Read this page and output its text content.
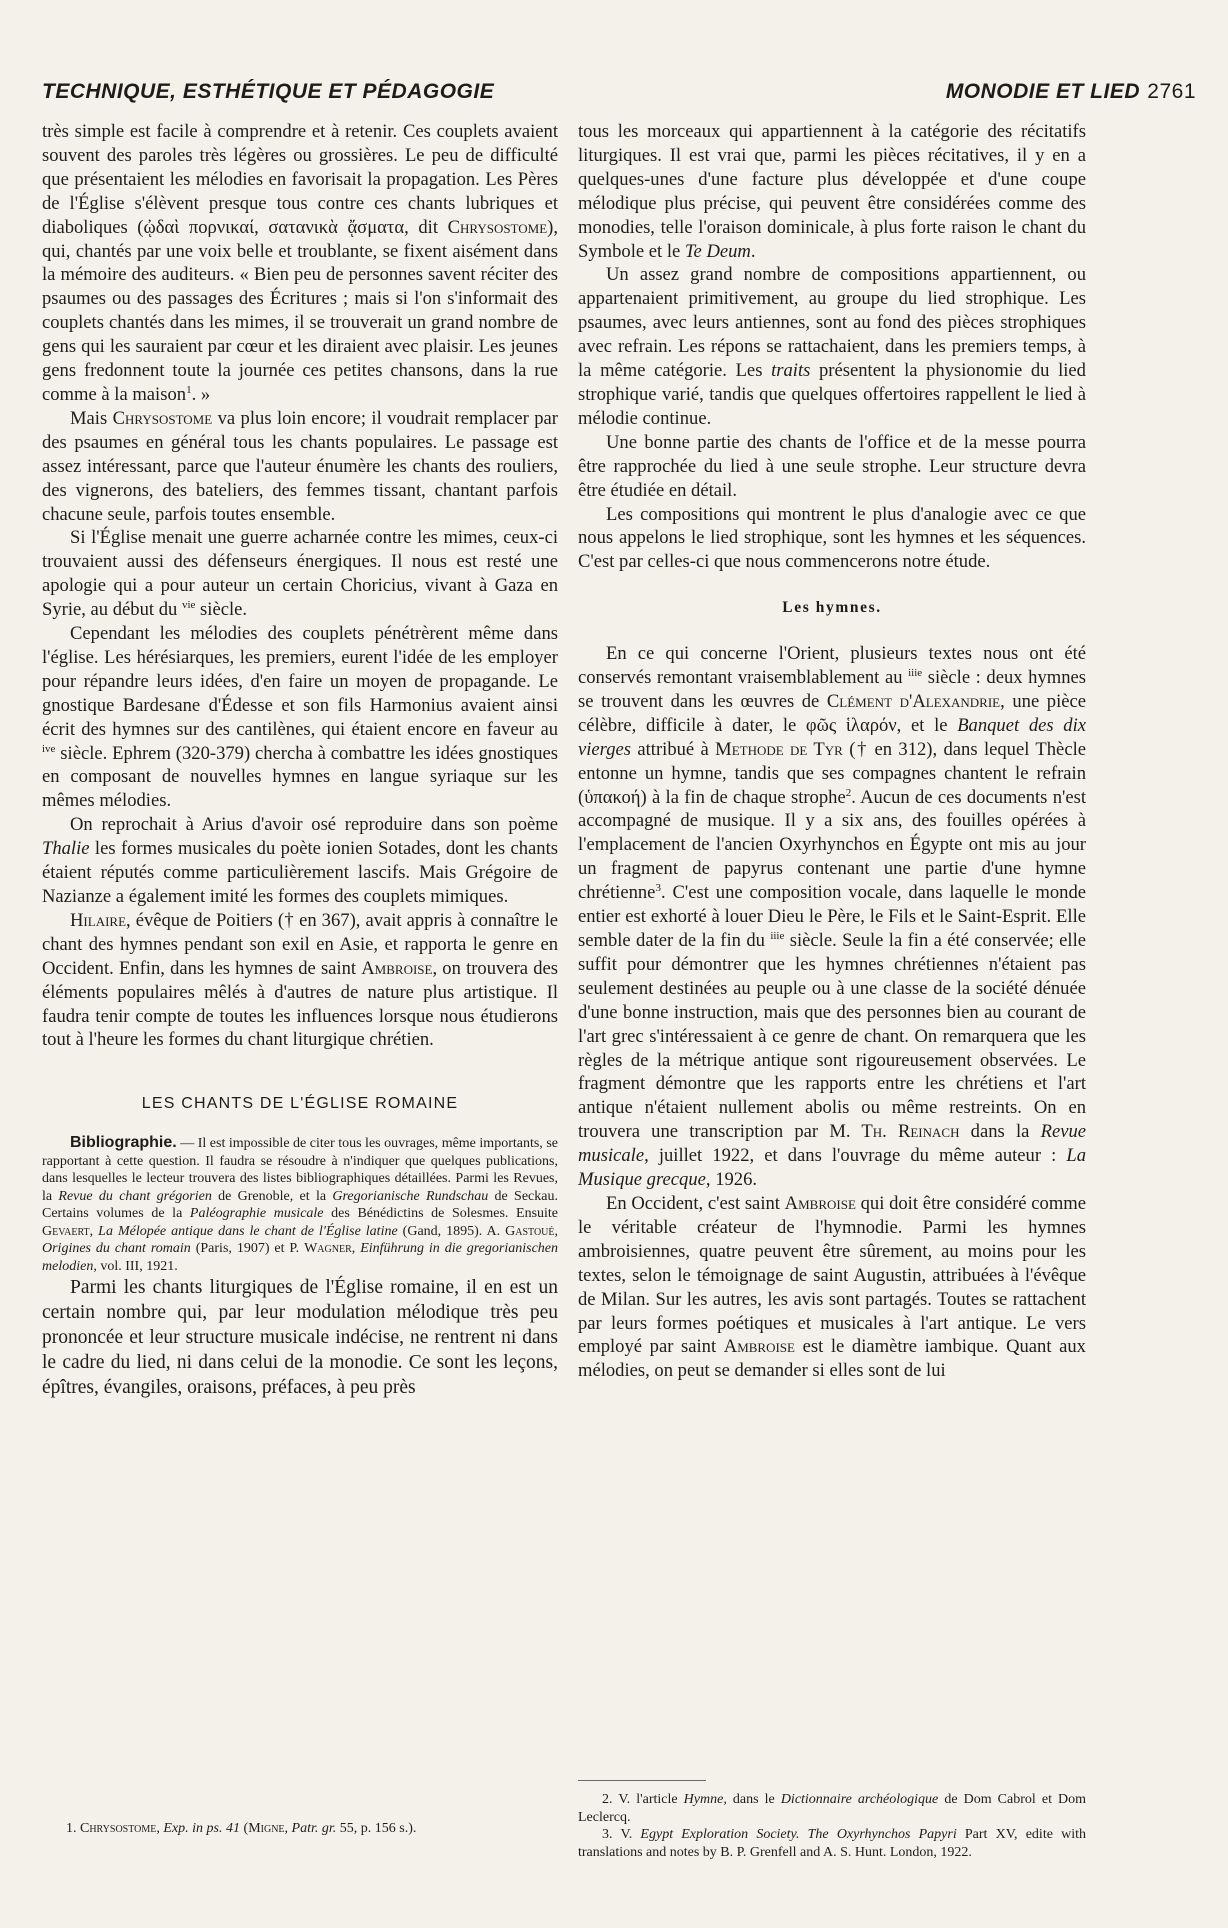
TECHNIQUE, ESTHÉTIQUE ET PÉDAGOGIE	MONODIE ET LIED 2761

très simple est facile à comprendre et à retenir. Ces couplets avaient souvent des paroles très légères ou grossières. Le peu de difficulté que présentaient les mélodies en favorisait la propagation. Les Pères de l'Église s'élèvent presque tous contre ces chants lubriques et diaboliques (ᾠδαὶ πορνικαί, σατανικὰ ᾄσματα, dit Chrysostome), qui, chantés par une voix belle et troublante, se fixent aisément dans la mémoire des auditeurs. « Bien peu de personnes savent réciter des psaumes ou des passages des Écritures ; mais si l'on s'informait des couplets chantés dans les mimes, il se trouverait un grand nombre de gens qui les sauraient par cœur et les diraient avec plaisir. Les jeunes gens fredonnent toute la journée ces petites chansons, dans la rue comme à la maison$^1$. »

Mais Chrysostome va plus loin encore; il voudrait remplacer par des psaumes en général tous les chants populaires. Le passage est assez intéressant, parce que l'auteur énumère les chants des rouliers, des vignerons, des bateliers, des femmes tissant, chantant parfois chacune seule, parfois toutes ensemble.

Si l'Église menait une guerre acharnée contre les mimes, ceux-ci trouvaient aussi des défenseurs énergiques. Il nous est resté une apologie qui a pour auteur un certain Choricius, vivant à Gaza en Syrie, au début du $^{vie}$ siècle.

Cependant les mélodies des couplets pénétrèrent même dans l'église. Les hérésiarques, les premiers, eurent l'idée de les employer pour répandre leurs idées, d'en faire un moyen de propagande. Le gnostique Bardesane d'Édesse et son fils Harmonius avaient ainsi écrit des hymnes sur des cantilènes, qui étaient encore en faveur au $^{ive}$ siècle. Ephrem (320-379) chercha à combattre les idées gnostiques en composant de nouvelles hymnes en langue syriaque sur les mêmes mélodies.

On reprochait à Arius d'avoir osé reproduire dans son poème Thalie les formes musicales du poète ionien Sotades, dont les chants étaient réputés comme particulièrement lascifs. Mais Grégoire de Nazianze a également imité les formes des couplets mimiques.

Hilaire, évêque de Poitiers († en 367), avait appris à connaître le chant des hymnes pendant son exil en Asie, et rapporta le genre en Occident. Enfin, dans les hymnes de saint Ambroise, on trouvera des éléments populaires mêlés à d'autres de nature plus artistique. Il faudra tenir compte de toutes les influences lorsque nous étudierons tout à l'heure les formes du chant liturgique chrétien.

LES CHANTS DE L'ÉGLISE ROMAINE

Bibliographie. — Il est impossible de citer tous les ouvrages, même importants, se rapportant à cette question. Il faudra se résoudre à n'indiquer que quelques publications, dans lesquelles le lecteur trouvera des listes bibliographiques détaillées. Parmi les Revues, la Revue du chant grégorien de Grenoble, et la Gregorianische Rundschau de Seckau. Certains volumes de la Paléographie musicale des Bénédictins de Solesmes. Ensuite Gevaert, La Mélopée antique dans le chant de l'Église latine (Gand, 1895). A. Gastoué, Origines du chant romain (Paris, 1907) et P. Wagner, Einführung in die gregorianischen melodien, vol. III, 1921.

Parmi les chants liturgiques de l'Église romaine, il en est un certain nombre qui, par leur modulation mélodique très peu prononcée et leur structure musicale indécise, ne rentrent ni dans le cadre du lied, ni dans celui de la monodie. Ce sont les leçons, épîtres, évangiles, oraisons, préfaces, à peu près

1. Chrysostome, Exp. in ps. 41 (Migne, Patr. gr. 55, p. 156 s.).

tous les morceaux qui appartiennent à la catégorie des récitatifs liturgiques. Il est vrai que, parmi les pièces récitatives, il y en a quelques-unes d'une facture plus développée et d'une coupe mélodique plus précise, qui peuvent être considérées comme des monodies, telle l'oraison dominicale, à plus forte raison le chant du Symbole et le Te Deum.

Un assez grand nombre de compositions appartiennent, ou appartenaient primitivement, au groupe du lied strophique. Les psaumes, avec leurs antiennes, sont au fond des pièces strophiques avec refrain. Les répons se rattachaient, dans les premiers temps, à la même catégorie. Les traits présentent la physionomie du lied strophique varié, tandis que quelques offertoires rappellent le lied à mélodie continue.

Une bonne partie des chants de l'office et de la messe pourra être rapprochée du lied à une seule strophe. Leur structure devra être étudiée en détail.

Les compositions qui montrent le plus d'analogie avec ce que nous appelons le lied strophique, sont les hymnes et les séquences. C'est par celles-ci que nous commencerons notre étude.

Les hymnes.

En ce qui concerne l'Orient, plusieurs textes nous ont été conservés remontant vraisemblablement au $^{iiie}$ siècle : deux hymnes se trouvent dans les œuvres de Clément d'Alexandrie, une pièce célèbre, difficile à dater, le φῶς ἱλαρόν, et le Banquet des dix vierges attribué à Methode de Tyr († en 312), dans lequel Thècle entonne un hymne, tandis que ses compagnes chantent le refrain (ὑπακοή) à la fin de chaque strophe$^2$. Aucun de ces documents n'est accompagné de musique. Il y a six ans, des fouilles opérées à l'emplacement de l'ancien Oxyrhynchos en Égypte ont mis au jour un fragment de papyrus contenant une partie d'une hymne chrétienne$^3$. C'est une composition vocale, dans laquelle le monde entier est exhorté à louer Dieu le Père, le Fils et le Saint-Esprit. Elle semble dater de la fin du $^{iiie}$ siècle. Seule la fin a été conservée; elle suffit pour démontrer que les hymnes chrétiennes n'étaient pas seulement destinées au peuple ou à une classe de la société dénuée d'une bonne instruction, mais que des personnes bien au courant de l'art grec s'intéressaient à ce genre de chant. On remarquera que les règles de la métrique antique sont rigoureusement observées. Le fragment démontre que les rapports entre les chrétiens et l'art antique n'étaient nullement abolis ou même restreints. On en trouvera une transcription par M. Th. Reinach dans la Revue musicale, juillet 1922, et dans l'ouvrage du même auteur : La Musique grecque, 1926.

En Occident, c'est saint Ambroise qui doit être considéré comme le véritable créateur de l'hymnodie. Parmi les hymnes ambroisiennes, quatre peuvent être sûrement, au moins pour les textes, selon le témoignage de saint Augustin, attribuées à l'évêque de Milan. Sur les autres, les avis sont partagés. Toutes se rattachent par leurs formes poétiques et musicales à l'art antique. Le vers employé par saint Ambroise est le diamètre iambique. Quant aux mélodies, on peut se demander si elles sont de lui

2. V. l'article Hymne, dans le Dictionnaire archéologique de Dom Cabrol et Dom Leclercq.

3. V. Egypt Exploration Society. The Oxyrhynchos Papyri Part XV, edite with translations and notes by B. P. Grenfell and A. S. Hunt. London, 1922.
